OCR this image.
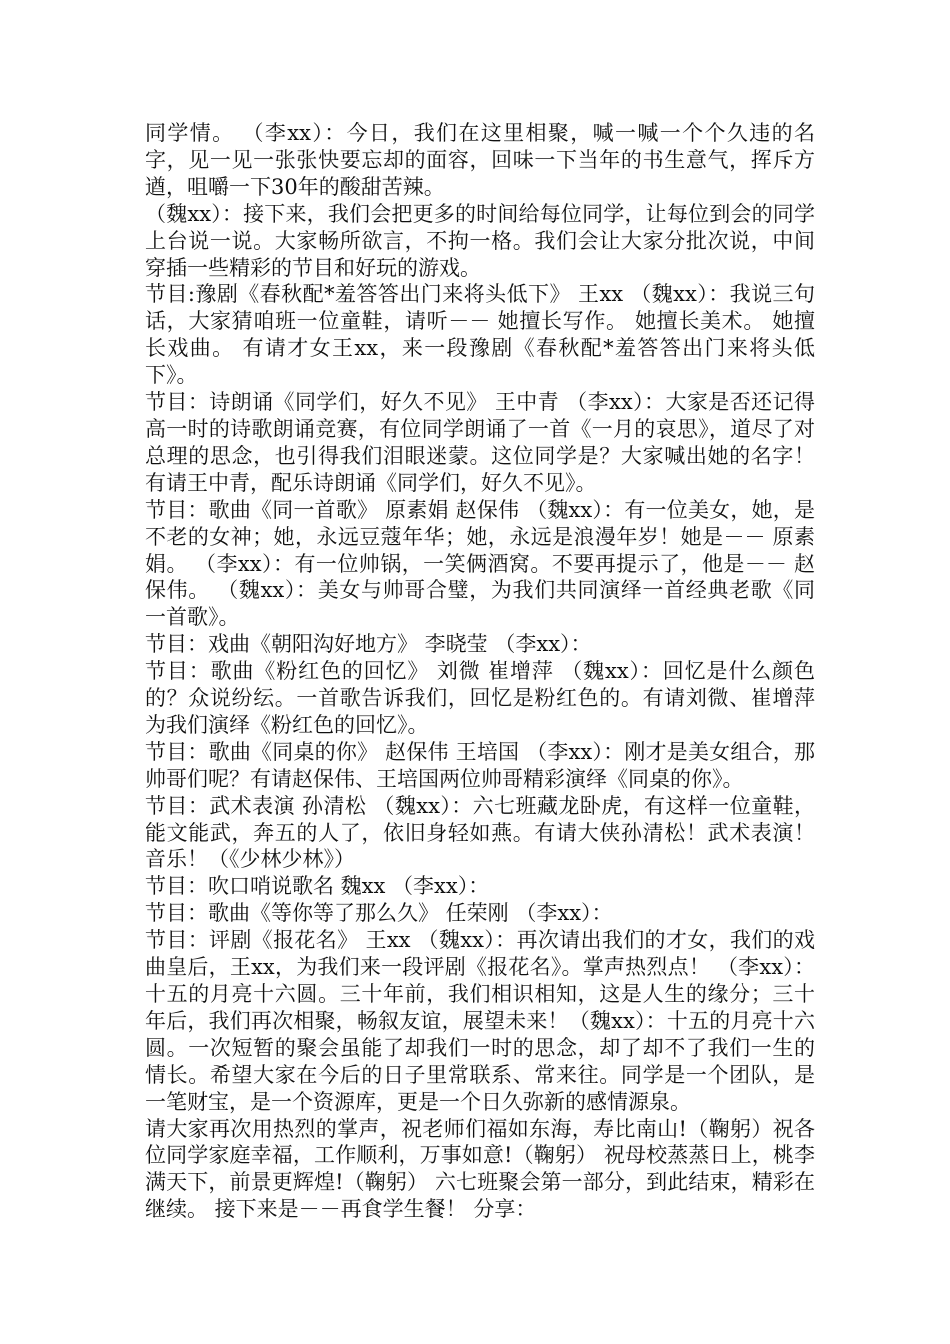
同学情。 （李xx）：今日，我们在这里相聚，喊一喊一个个久违的名字，见一见一张张快要忘却的面容，回味一下当年的书生意气，挥斥方遒，咀嚼一下30年的酸甜苦辣。

（魏xx）：接下来，我们会把更多的时间给每位同学，让每位到会的同学上台说一说。大家畅所欲言，不拘一格。我们会让大家分批次说，中间穿插一些精彩的节目和好玩的游戏。

节目:豫剧《春秋配*羞答答出门来将头低下》 王xx （魏xx）：我说三句话，大家猜咱班一位童鞋，请听－－ 她擅长写作。 她擅长美术。 她擅长戏曲。 有请才女王xx，来一段豫剧《春秋配*羞答答出门来将头低下》。

节目：诗朗诵《同学们，好久不见》 王中青 （李xx）：大家是否还记得高一时的诗歌朗诵竞赛，有位同学朗诵了一首《一月的哀思》，道尽了对总理的思念，也引得我们泪眼迷蒙。这位同学是？大家喊出她的名字！ 有请王中青，配乐诗朗诵《同学们，好久不见》。

节目：歌曲《同一首歌》 原素娟 赵保伟 （魏xx）：有一位美女，她，是不老的女神；她，永远豆蔻年华；她，永远是浪漫年岁！她是－－ 原素娟。 （李xx）：有一位帅锅，一笑俩酒窝。不要再提示了，他是－－ 赵保伟。 （魏xx）：美女与帅哥合璧，为我们共同演绎一首经典老歌《同一首歌》。

节目：戏曲《朝阳沟好地方》 李晓莹 （李xx）：

节目：歌曲《粉红色的回忆》 刘微 崔增萍 （魏xx）：回忆是什么颜色的？众说纷纭。一首歌告诉我们，回忆是粉红色的。有请刘微、崔增萍为我们演绎《粉红色的回忆》。

节目：歌曲《同桌的你》 赵保伟 王培国 （李xx）：刚才是美女组合，那帅哥们呢？有请赵保伟、王培国两位帅哥精彩演绎《同桌的你》。

节目：武术表演 孙清松 （魏xx）：六七班藏龙卧虎，有这样一位童鞋，能文能武，奔五的人了，依旧身轻如燕。有请大侠孙清松！武术表演！音乐！（《少林少林》）

节目：吹口哨说歌名 魏xx （李xx）：

节目：歌曲《等你等了那么久》 任荣刚 （李xx）：

节目：评剧《报花名》 王xx （魏xx）：再次请出我们的才女，我们的戏曲皇后，王xx，为我们来一段评剧《报花名》。掌声热烈点！ （李xx）：十五的月亮十六圆。三十年前，我们相识相知，这是人生的缘分；三十年后，我们再次相聚，畅叙友谊，展望未来！（魏xx）：十五的月亮十六圆。一次短暂的聚会虽能了却我们一时的思念，却了却不了我们一生的情长。希望大家在今后的日子里常联系、常来往。同学是一个团队，是一笔财宝，是一个资源库，更是一个日久弥新的感情源泉。

请大家再次用热烈的掌声，祝老师们福如东海，寿比南山!（鞠躬）祝各位同学家庭幸福，工作顺利，万事如意!（鞠躬） 祝母校蒸蒸日上，桃李满天下，前景更辉煌!（鞠躬） 六七班聚会第一部分，到此结束，精彩在继续。 接下来是－－再食学生餐！ 分享：
